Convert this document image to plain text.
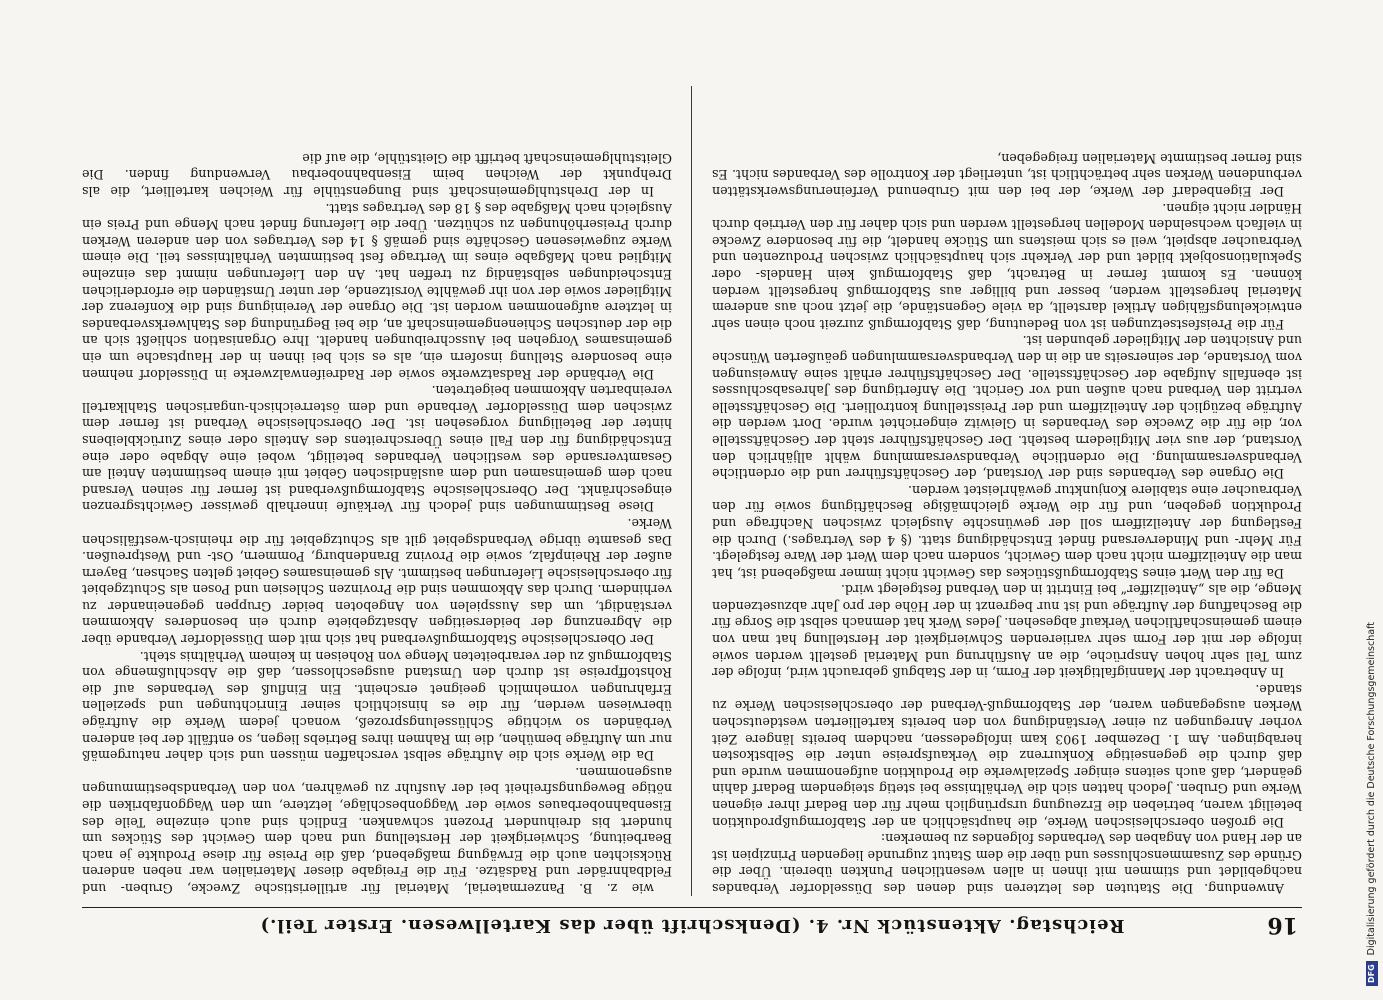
16
Reichstag. Aktenstück Nr. 4. (Denkschrift über das Kartellwesen. Erster Teil.)

Anwendung. Die Statuten des letzteren sind denen des Düsseldorfer Verbandes nachgebildet und stimmen mit ihnen in allen wesentlichen Punkten überein. Über die Gründe des Zusammenschlusses und über die dem Statut zugrunde liegenden Prinzipien ist an der Hand von Angaben des Verbandes folgendes zu bemerken:

Die großen oberschlesischen Werke, die hauptsächlich an der Stabformgußproduktion beteiligt waren, betrieben die Erzeugung ursprünglich mehr für den Bedarf ihrer eigenen Werke und Gruben. Jedoch hatten sich die Verhältnisse bei stetig steigendem Bedarf dahin geändert, daß auch seitens einiger Spezialwerke die Produktion aufgenommen wurde und daß durch die gegenseitige Konkurrenz die Verkaufspreise unter die Selbstkosten herabgingen. Am 1. Dezember 1903 kam infolgedessen, nachdem bereits längere Zeit vorher Anregungen zu einer Verständigung von den bereits kartellierten westdeutschen Werken ausgegangen waren, der Stabformguß-Verband der oberschlesischen Werke zu stande.

In Anbetracht der Mannigfaltigkeit der Form, in der Stabguß gebraucht wird, infolge der zum Teil sehr hohen Ansprüche, die an Ausführung und Material gestellt werden sowie infolge der mit der Form sehr variierenden Schwierigkeit der Herstellung hat man von einem gemeinschaftlichen Verkauf abgesehen. Jedes Werk hat demnach selbst die Sorge für die Beschaffung der Aufträge und ist nur begrenzt in der Höhe der pro Jahr abzusetzenden Menge, die als „Anteilziffer“ bei Eintritt in den Verband festgelegt wird.

Da für den Wert eines Stabformgußstückes das Gewicht nicht immer maßgebend ist, hat man die Anteilziffern nicht nach dem Gewicht, sondern nach dem Wert der Ware festgelegt. Für Mehr- und Minderversand findet Entschädigung statt. (§ 4 des Vertrages.) Durch die Festlegung der Anteilziffern soll der gewünschte Ausgleich zwischen Nachfrage und Produktion gegeben, und für die Werke gleichmäßige Beschäftigung sowie für den Verbraucher eine stabilere Konjunktur gewährleistet werden.

Die Organe des Verbandes sind der Vorstand, der Geschäftsführer und die ordentliche Verbandsversammlung. Die ordentliche Verbandsversammlung wählt alljährlich den Vorstand, der aus vier Mitgliedern besteht. Der Geschäftsführer steht der Geschäftsstelle vor, die für die Zwecke des Verbandes in Gleiwitz eingerichtet wurde. Dort werden die Aufträge bezüglich der Anteilziffern und der Preisstellung kontrolliert. Die Geschäftsstelle vertritt den Verband nach außen und vor Gericht. Die Anfertigung des Jahresabschlusses ist ebenfalls Aufgabe der Geschäftsstelle. Der Geschäftsführer erhält seine Anweisungen vom Vorstande, der seinerseits an die in den Verbandsversammlungen geäußerten Wünsche und Ansichten der Mitglieder gebunden ist.

Für die Preisfestsetzungen ist von Bedeutung, daß Stabformguß zurzeit noch einen sehr entwickelungsfähigen Artikel darstellt, da viele Gegenstände, die jetzt noch aus anderem Material hergestellt werden, besser und billiger aus Stabformguß hergestellt werden können. Es kommt ferner in Betracht, daß Stabformguß kein Handels- oder Spekulationsobjekt bildet und der Verkehr sich hauptsächlich zwischen Produzenten und Verbraucher abspielt, weil es sich meistens um Stücke handelt, die für besondere Zwecke in vielfach wechselnden Modellen hergestellt werden und sich daher für den Vertrieb durch Händler nicht eignen.

Der Eigenbedarf der Werke, der bei den mit Grubenund Verfeinerungswerkstätten verbundenen Werken sehr beträchtlich ist, unterliegt der Kontrolle des Verbandes nicht. Es sind ferner bestimmte Materialien freigegeben,

wie z. B. Panzermaterial, Material für artilleristische Zwecke, Gruben- und Feldbahnräder und Radsätze. Für die Freigabe dieser Materialien war neben anderen Rücksichten auch die Erwägung maßgebend, daß die Preise für diese Produkte je nach Bearbeitung, Schwierigkeit der Herstellung und nach dem Gewicht des Stückes um hundert bis dreihundert Prozent schwanken. Endlich sind auch einzelne Teile des Eisenbahnoberbaues sowie der Waggonbeschläge, letztere, um den Waggonfabriken die nötige Bewegungsfreiheit bei der Ausfuhr zu gewähren, von den Verbandsbestimmungen ausgenommen.

Da die Werke sich die Aufträge selbst verschaffen müssen und sich daher naturgemäß nur um Aufträge bemühen, die im Rahmen ihres Betriebs liegen, so entfällt der bei anderen Verbänden so wichtige Schlüsselungsprozeß, wonach jedem Werke die Aufträge überwiesen werden, für die es hinsichtlich seiner Einrichtungen und speziellen Erfahrungen vornehmlich geeignet erscheint. Ein Einfluß des Verbandes auf die Rohstoffpreise ist durch den Umstand ausgeschlossen, daß die Abschlußmenge von Stabformguß zu der verarbeiteten Menge von Roheisen in keinem Verhältnis steht.

Der Oberschlesische Stabformgußverband hat sich mit dem Düsseldorfer Verbande über die Abgrenzung der beiderseitigen Absatzgebiete durch ein besonderes Abkommen verständigt, um das Ausspielen von Angeboten beider Gruppen gegeneinander zu verhindern. Durch das Abkommen sind die Provinzen Schlesien und Posen als Schutzgebiet für oberschlesische Lieferungen bestimmt. Als gemeinsames Gebiet gelten Sachsen, Bayern außer der Rheinpfalz, sowie die Provinz Brandenburg, Pommern, Ost- und Westpreußen. Das gesamte übrige Verbandsgebiet gilt als Schutzgebiet für die rheinisch-westfälischen Werke.

Diese Bestimmungen sind jedoch für Verkäufe innerhalb gewisser Gewichtsgrenzen eingeschränkt. Der Oberschlesische Stabformgußverband ist ferner für seinen Versand nach dem gemeinsamen und dem ausländischen Gebiet mit einem bestimmten Anteil am Gesamtversande des westlichen Verbandes beteiligt, wobei eine Abgabe oder eine Entschädigung für den Fall eines Überschreitens des Anteils oder eines Zurückbleibens hinter der Beteiligung vorgesehen ist. Der Oberschlesische Verband ist ferner dem zwischen dem Düsseldorfer Verbande und dem österreichisch-ungarischen Stahlkartell vereinbarten Abkommen beigetreten.

Die Verbände der Radsatzwerke sowie der Radreifenwalzwerke in Düsseldorf nehmen eine besondere Stellung insofern ein, als es sich bei ihnen in der Hauptsache um ein gemeinsames Vorgehen bei Ausschreibungen handelt. Ihre Organisation schließt sich an die der deutschen Schienengemeinschaft an, die bei Begründung des Stahlwerksverbandes in letztere aufgenommen worden ist. Die Organe der Vereinigung sind die Konferenz der Mitglieder sowie der von ihr gewählte Vorsitzende, der unter Umständen die erforderlichen Entscheidungen selbständig zu treffen hat. An den Lieferungen nimmt das einzelne Mitglied nach Maßgabe eines im Vertrage fest bestimmten Verhältnisses teil. Die einem Werke zugewiesenen Geschäfte sind gemäß § 14 des Vertrages von den anderen Werken durch Preiserhöhungen zu schützen. Über die Lieferung findet nach Menge und Preis ein Ausgleich nach Maßgabe des § 18 des Vertrages statt.

In der Drehstuhlgemeinschaft sind Bungenstühle für Weichen kartelliert, die als Drehpunkt der Weichen beim Eisenbahnoberbau Verwendung finden. Die Gleitstuhlgemeinschaft betrifft die Gleitstühle, die auf die

DFGDigitalisierung gefördert durch die Deutsche Forschungsgemeinschaft
